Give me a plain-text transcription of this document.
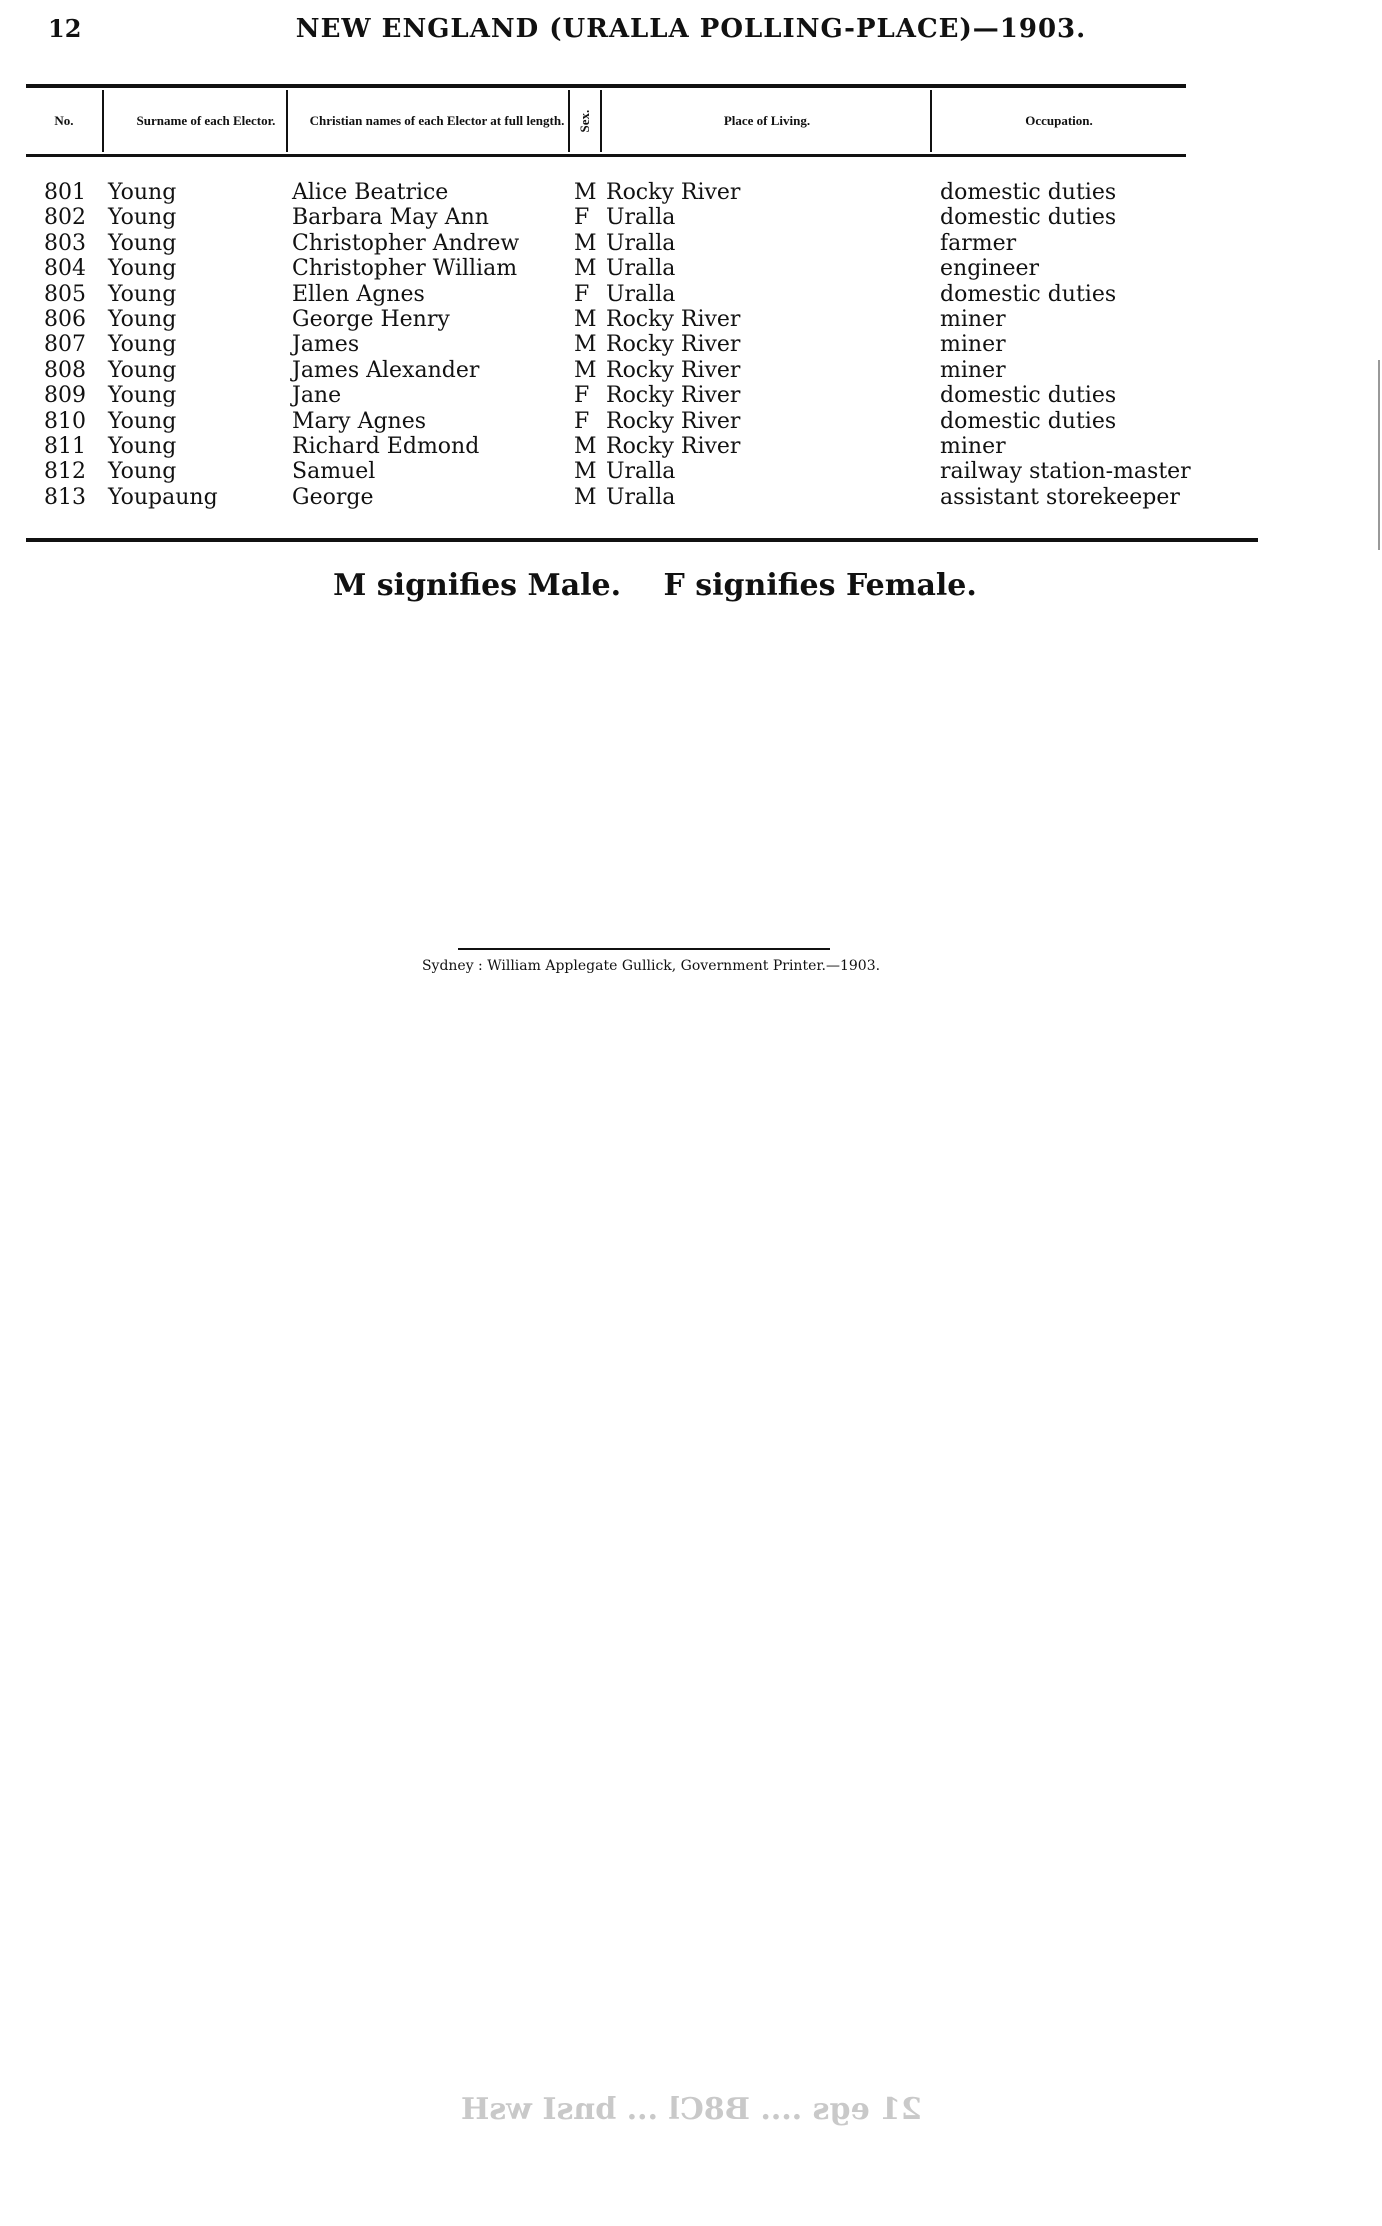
12	NEW ENGLAND (URALLA POLLING-PLACE)—1903.
No.	Surname of each Elector.	Christian names of each Elector at full length. Sex.	Place of Living.	Occupation.
801 Young	Alice Beatrice	M Rocky River	domestic duties
802 Young	Barbara May Ann	F Uralla	domestic duties
803 Young	Christopher Andrew M Uralla	farmer
804 Young	Christopher William	M Uralla	engineer
805 Young	Ellen Agnes	F Uralla	domestic duties
806 Young	George Henry	M Rocky River	miner
807 Young	James	M Rocky River	miner
808 Young	James Alexander	M Rocky River	miner
809 Young	Jane	F Rocky River	domestic duties
810 Young	Mary Agnes	F Rocky River	domestic duties
811 Young	Richard Edmond	M Rocky River	miner
812 Young	Samuel	M Uralla	railway station-master
813 Youpaung	George	M Uralla	assistant storekeeper
M signifies Male. F signifies Female.
Sydney : William Applegate Gullick, Government Printer.—1903.
21 egs .... B8Cl ... bnsI wsH
